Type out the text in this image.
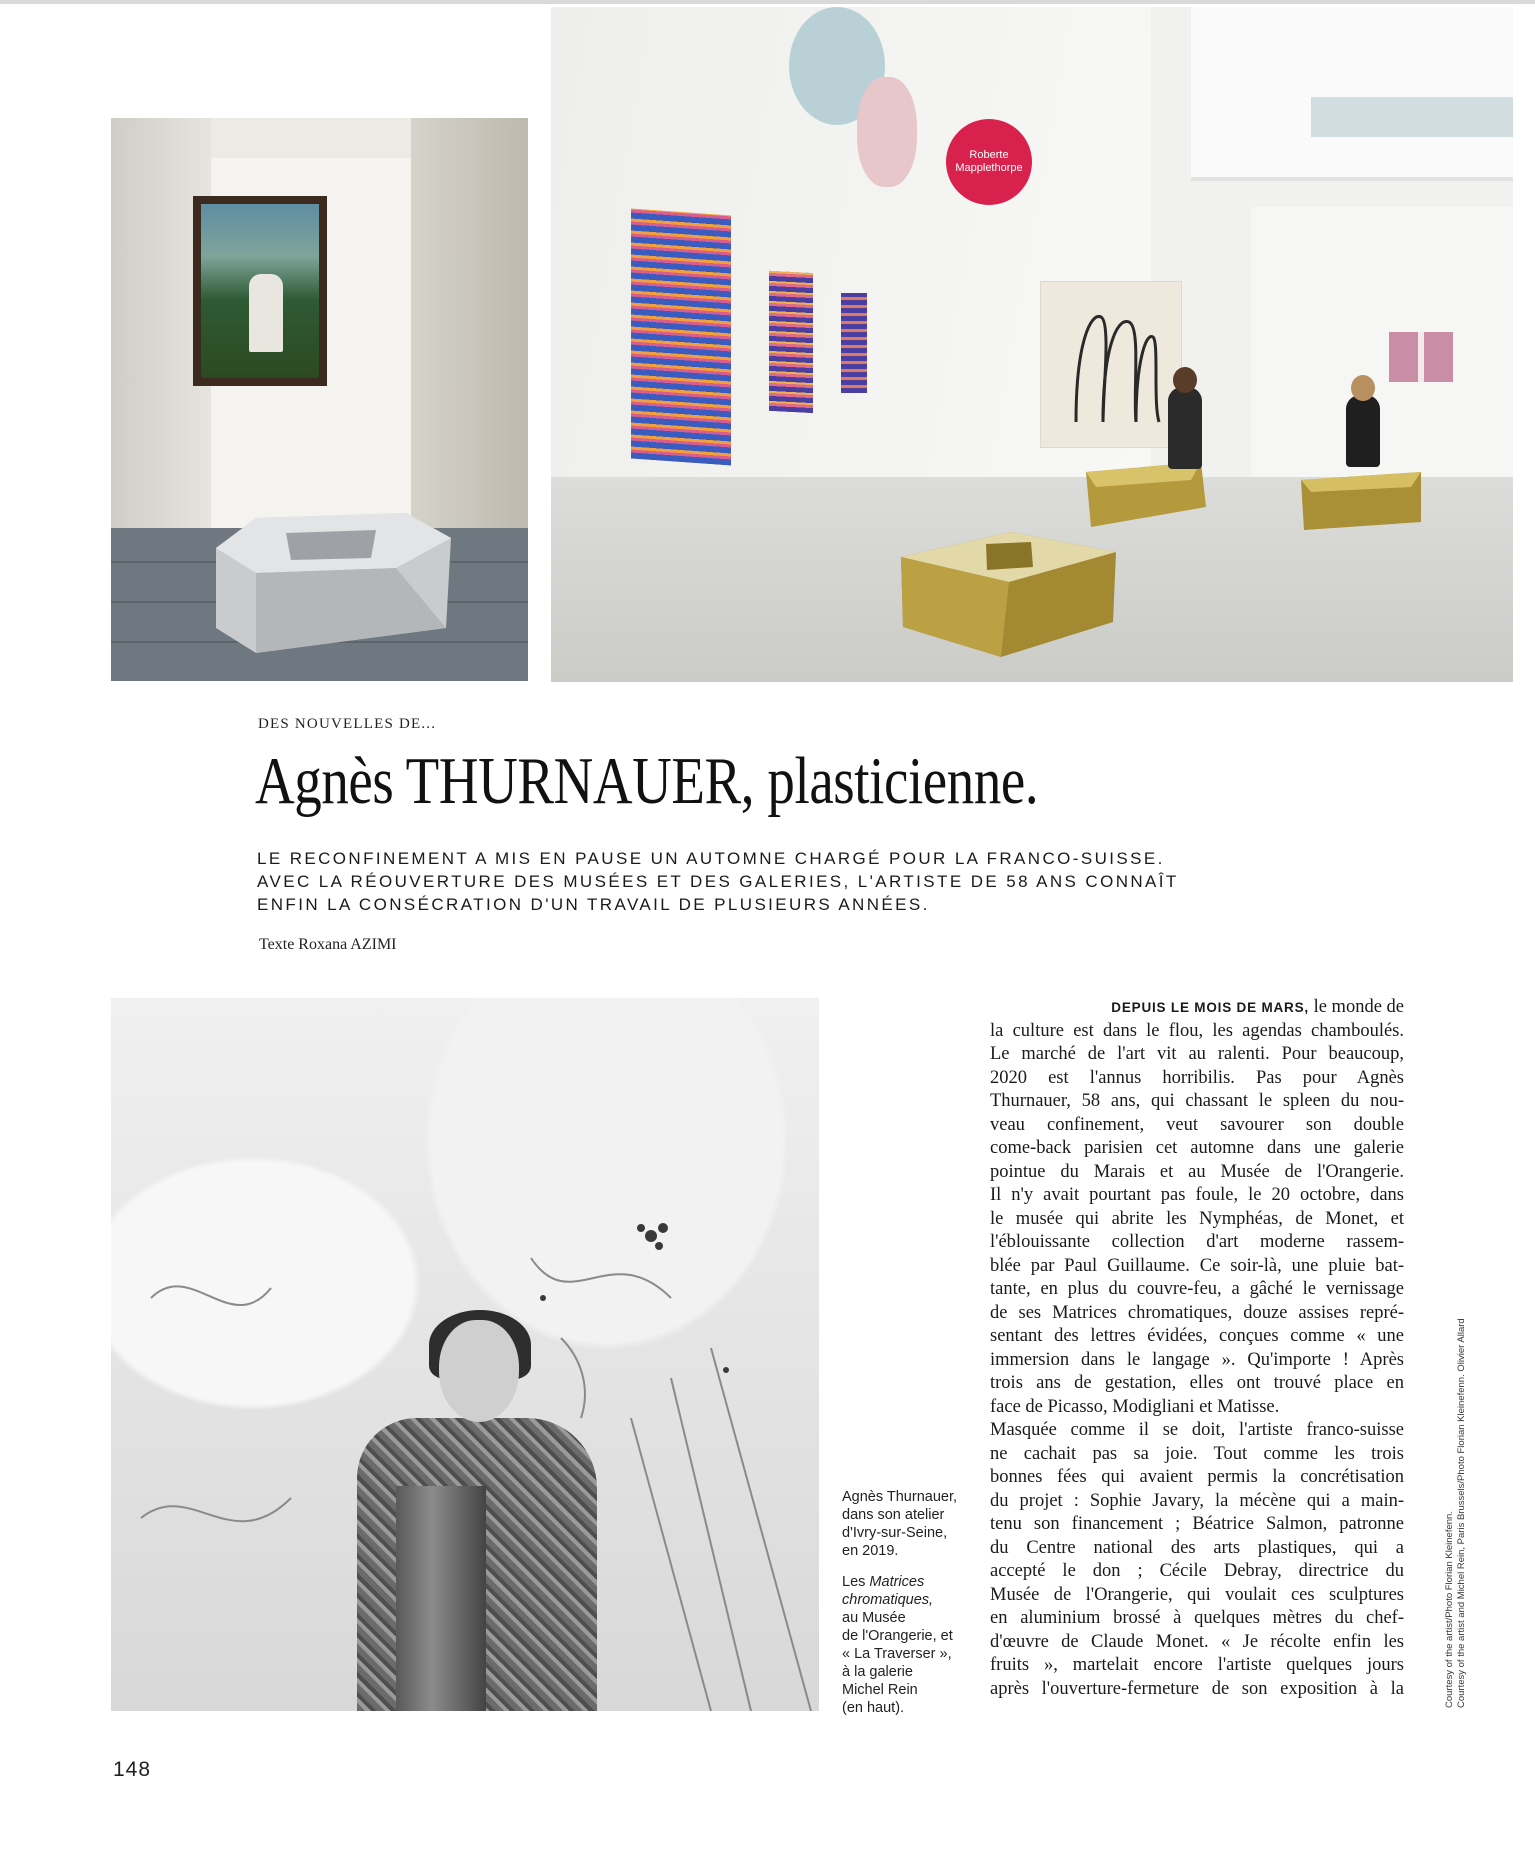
Roberte Mapplethorpe
DES NOUVELLES DE...
Agnès THURNAUER, plasticienne.
LE RECONFINEMENT A MIS EN PAUSE UN AUTOMNE CHARGÉ POUR LA FRANCO-SUISSE.
AVEC LA RÉOUVERTURE DES MUSÉES ET DES GALERIES, L'ARTISTE DE 58 ANS CONNAÎT
ENFIN LA CONSÉCRATION D'UN TRAVAIL DE PLUSIEURS ANNÉES.
Texte Roxana AZIMI

Agnès Thurnauer,
dans son atelier
d'Ivry-sur-Seine,
en 2019.

Les Matrices
chromatiques,
au Musée
de l'Orangerie, et
« La Traverser »,
à la galerie
Michel Rein
(en haut).

DEPUIS LE MOIS DE MARS, le monde de
la culture est dans le flou, les agendas chamboulés.
Le marché de l'art vit au ralenti. Pour beaucoup,
2020 est l'annus horribilis. Pas pour Agnès
Thurnauer, 58 ans, qui chassant le spleen du nou-
veau confinement, veut savourer son double
come-back parisien cet automne dans une galerie
pointue du Marais et au Musée de l'Orangerie.
Il n'y avait pourtant pas foule, le 20 octobre, dans
le musée qui abrite les Nymphéas, de Monet, et
l'éblouissante collection d'art moderne rassem-
blée par Paul Guillaume. Ce soir-là, une pluie bat-
tante, en plus du couvre-feu, a gâché le vernissage
de ses Matrices chromatiques, douze assises repré-
sentant des lettres évidées, conçues comme « une
immersion dans le langage ». Qu'importe ! Après
trois ans de gestation, elles ont trouvé place en
face de Picasso, Modigliani et Matisse.
Masquée comme il se doit, l'artiste franco-suisse
ne cachait pas sa joie. Tout comme les trois
bonnes fées qui avaient permis la concrétisation
du projet : Sophie Javary, la mécène qui a main-
tenu son financement ; Béatrice Salmon, patronne
du Centre national des arts plastiques, qui a
accepté le don ; Cécile Debray, directrice du
Musée de l'Orangerie, qui voulait ces sculptures
en aluminium brossé à quelques mètres du chef-
d'œuvre de Claude Monet. « Je récolte enfin les
fruits », martelait encore l'artiste quelques jours
après l'ouverture-fermeture de son exposition à la	Courtesy of the artist/Photo Florian Kleinefenn. Courtesy of the artist and Michel Rein, Paris Brussels/Photo Florian Kleinefenn. Olivier Allard
148
